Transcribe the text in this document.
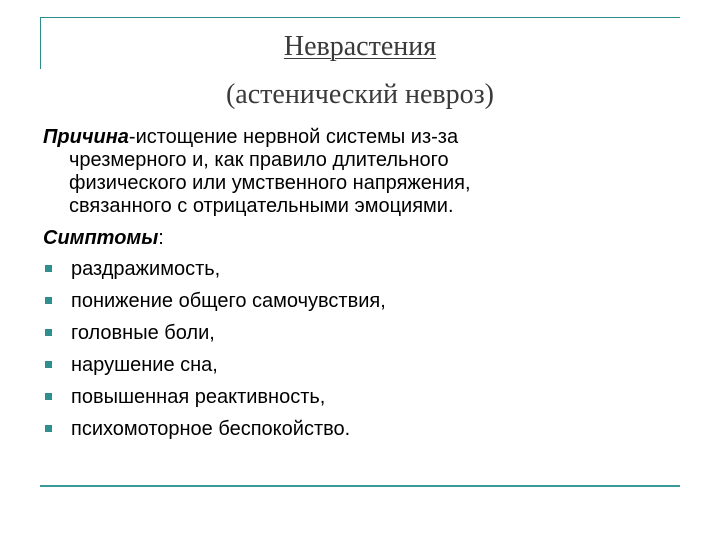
Неврастения
(астенический невроз)

Причина-истощение нервной системы из-за
чрезмерного и, как правило длительного
физического или умственного напряжения,
связанного с отрицательными эмоциями.

Симптомы:
раздражимость,
понижение общего самочувствия,
головные боли,
нарушение сна,
повышенная реактивность,
психомоторное беспокойство.
